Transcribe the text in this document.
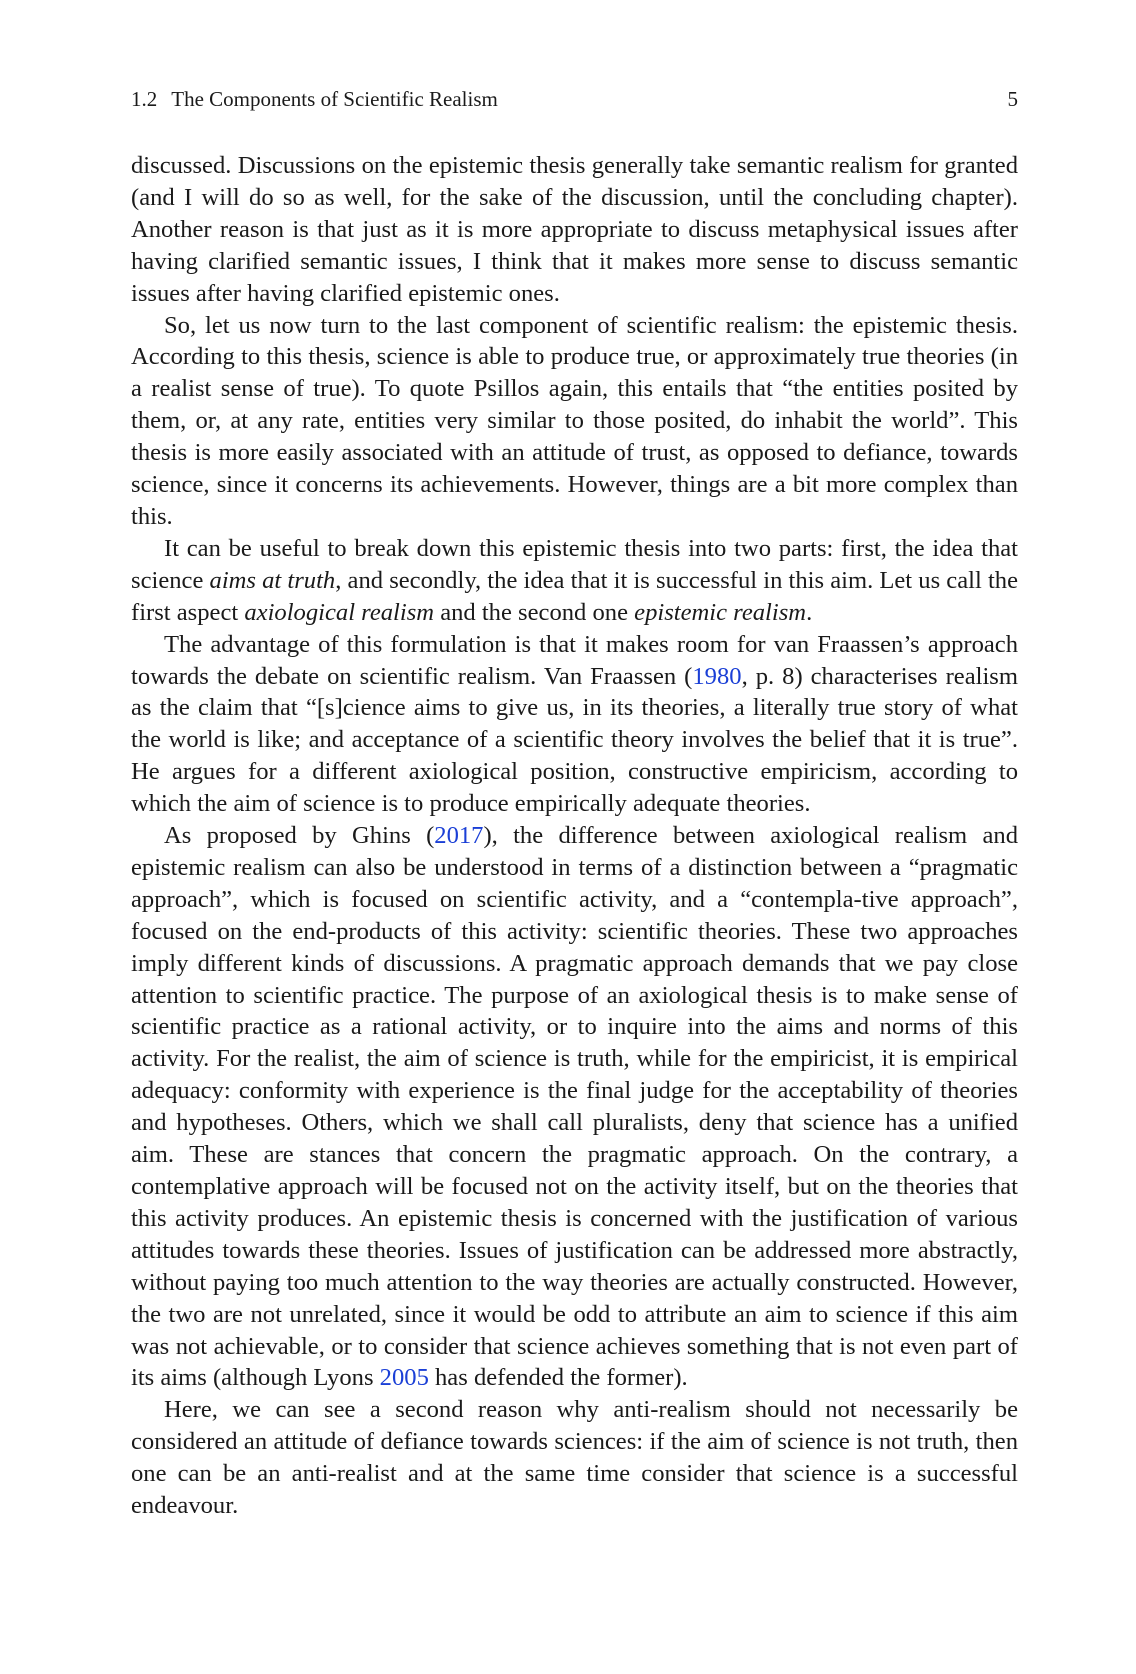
1.2 The Components of Scientific Realism	5

discussed. Discussions on the epistemic thesis generally take semantic realism for granted (and I will do so as well, for the sake of the discussion, until the concluding chapter). Another reason is that just as it is more appropriate to discuss metaphysical issues after having clarified semantic issues, I think that it makes more sense to discuss semantic issues after having clarified epistemic ones.

So, let us now turn to the last component of scientific realism: the epistemic thesis. According to this thesis, science is able to produce true, or approximately true theories (in a realist sense of true). To quote Psillos again, this entails that “the entities posited by them, or, at any rate, entities very similar to those posited, do inhabit the world”. This thesis is more easily associated with an attitude of trust, as opposed to defiance, towards science, since it concerns its achievements. However, things are a bit more complex than this.

It can be useful to break down this epistemic thesis into two parts: first, the idea that science aims at truth, and secondly, the idea that it is successful in this aim. Let us call the first aspect axiological realism and the second one epistemic realism.

The advantage of this formulation is that it makes room for van Fraassen’s approach towards the debate on scientific realism. Van Fraassen (1980, p. 8) characterises realism as the claim that “[s]cience aims to give us, in its theories, a literally true story of what the world is like; and acceptance of a scientific theory involves the belief that it is true”. He argues for a different axiological position, constructive empiricism, according to which the aim of science is to produce empirically adequate theories.

As proposed by Ghins (2017), the difference between axiological realism and epistemic realism can also be understood in terms of a distinction between a “pragmatic approach”, which is focused on scientific activity, and a “contempla-tive approach”, focused on the end-products of this activity: scientific theories. These two approaches imply different kinds of discussions. A pragmatic approach demands that we pay close attention to scientific practice. The purpose of an axiological thesis is to make sense of scientific practice as a rational activity, or to inquire into the aims and norms of this activity. For the realist, the aim of science is truth, while for the empiricist, it is empirical adequacy: conformity with experience is the final judge for the acceptability of theories and hypotheses. Others, which we shall call pluralists, deny that science has a unified aim. These are stances that concern the pragmatic approach. On the contrary, a contemplative approach will be focused not on the activity itself, but on the theories that this activity produces. An epistemic thesis is concerned with the justification of various attitudes towards these theories. Issues of justification can be addressed more abstractly, without paying too much attention to the way theories are actually constructed. However, the two are not unrelated, since it would be odd to attribute an aim to science if this aim was not achievable, or to consider that science achieves something that is not even part of its aims (although Lyons 2005 has defended the former).

Here, we can see a second reason why anti-realism should not necessarily be considered an attitude of defiance towards sciences: if the aim of science is not truth, then one can be an anti-realist and at the same time consider that science is a successful endeavour.
